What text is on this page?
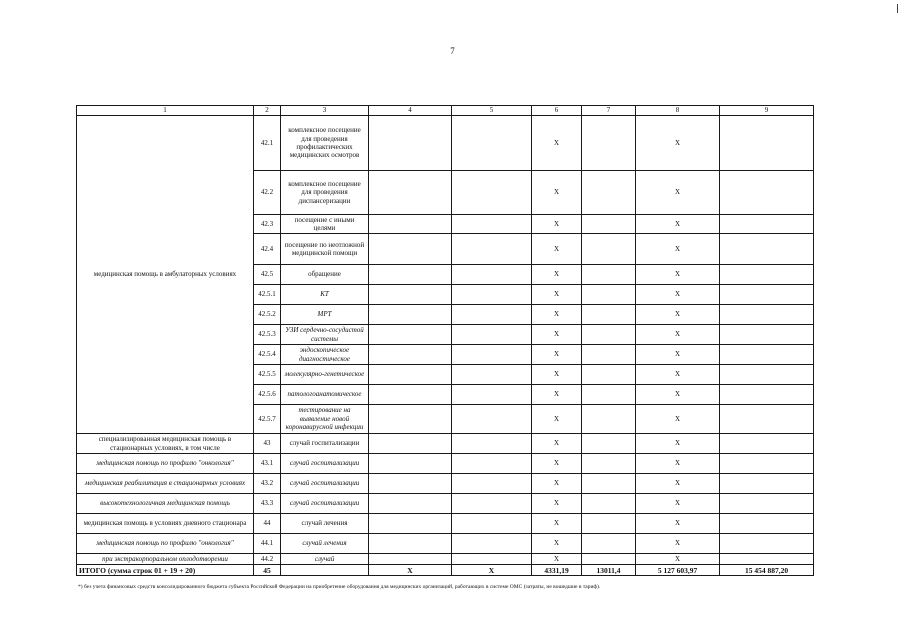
7
1	2	3	4	5	6	7	8	9	
медицинская помощь в амбулаторных условиях	42.1	комплексное посещение для проведения профилактических медицинских осмотров			X		X		
	42.2	комплексное посещение для проведения диспансеризации			X		X		
	42.3	посещение с иными целями			X		X		
	42.4	посещение по неотложной медицинской помощи			X		X		
	42.5	обращение			X		X		
	42.5.1	КТ			X		X		
	42.5.2	МРТ			X		X		
	42.5.3	УЗИ сердечно-сосудистой системы			X		X		
	42.5.4	эндоскопическое диагностическое			X		X		
	42.5.5	молекулярно-генетическое			X		X		
	42.5.6	патологоанатомическое			X		X		
	42.5.7	тестирование на выявление новой коронавирусной инфекции			X		X		
специализированная медицинская помощь в стационарных условиях, в том числе	43	случай госпитализации			X		X		
медицинская помощь по профилю "онкология"	43.1	случай госпитализации			X		X		
медицинская реабилитация в стационарных условиях	43.2	случай госпитализации			X		X		
высокотехнологичная медицинская помощь	43.3	случай госпитализации			X		X		
медицинская помощь в условиях дневного стационара	44	случай лечения			X		X		
медицинская помощь по профилю "онкология"	44.1	случай лечения			X		X		
при экстракорпоральном оплодотворении	44.2	случай			X		X		
ИТОГО (сумма строк 01 + 19 + 20)	45		X	X	4331,19	13011,4	5 127 603,97	15 454 887,20	
*) без учета финансовых средств консолидированного бюджета субъекта Российской Федерации на приобретение оборудования для медицинских организаций, работающих в системе ОМС (затраты, не вошедшие в тариф).
